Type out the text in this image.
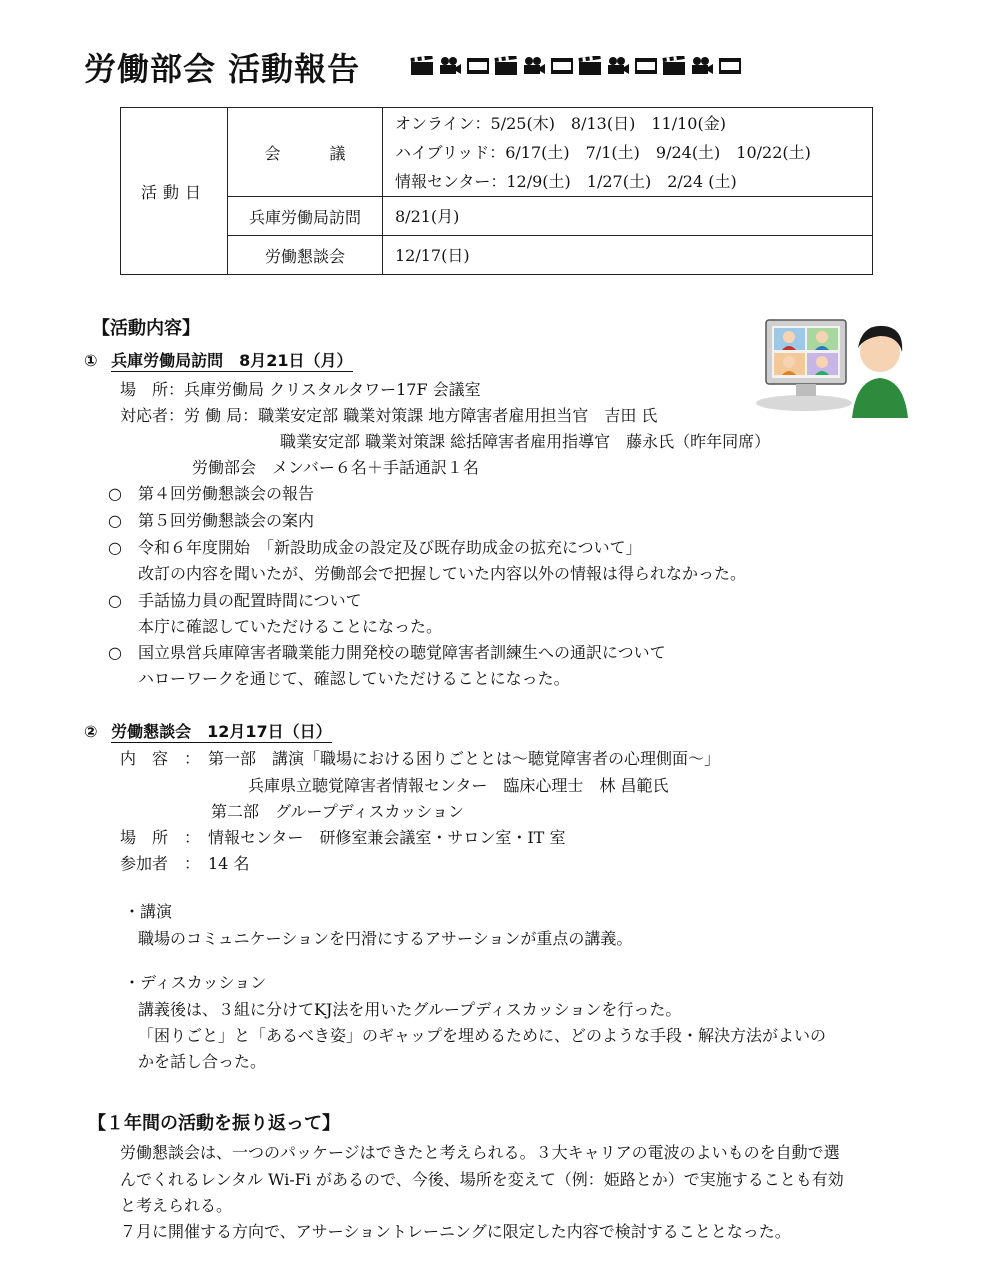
労働部会 活動報告
活動日	会 議	オンライン：5/25(木)　8/13(日)　11/10(金)
ハイブリッド：6/17(土)　7/1(土)　9/24(土)　10/22(土)
情報センター：12/9(土)　1/27(土)　2/24 (土)

	兵庫労働局訪問	8/21(月)
	労働懇談会	12/17(日)
【活動内容】
① 兵庫労働局訪問　8月21日（月）
場　所：兵庫労働局 クリスタルタワー17F 会議室
対応者：労 働 局：職業安定部 職業対策課 地方障害者雇用担当官　吉田 氏
職業安定部 職業対策課 総括障害者雇用指導官　藤永氏（昨年同席）
労働部会　メンバー６名＋手話通訳１名
○ 第４回労働懇談会の報告
○ 第５回労働懇談会の案内
○ 令和６年度開始　「新設助成金の設定及び既存助成金の拡充について」
改訂の内容を聞いたが、労働部会で把握していた内容以外の情報は得られなかった。
○ 手話協力員の配置時間について
本庁に確認していただけることになった。
○ 国立県営兵庫障害者職業能力開発校の聴覚障害者訓練生への通訳について
ハローワークを通じて、確認していただけることになった。
② 労働懇談会　12月17日（日）
内　容　：　第一部　講演「職場における困りごととは～聴覚障害者の心理側面～」
兵庫県立聴覚障害者情報センター　臨床心理士　林 昌範氏
第二部　グループディスカッション
場　所　：　情報センター　研修室兼会議室・サロン室・IT 室
参加者　：　14 名
・講演
職場のコミュニケーションを円滑にするアサーションが重点の講義。
・ディスカッション
講義後は、３組に分けてKJ法を用いたグループディスカッションを行った。
「困りごと」と「あるべき姿」のギャップを埋めるために、どのような手段・解決方法がよいの
かを話し合った。
【１年間の活動を振り返って】
労働懇談会は、一つのパッケージはできたと考えられる。３大キャリアの電波のよいものを自動で選
んでくれるレンタル Wi-Fi があるので、今後、場所を変えて（例：姫路とか）で実施することも有効
と考えられる。
７月に開催する方向で、アサーショントレーニングに限定した内容で検討することとなった。
